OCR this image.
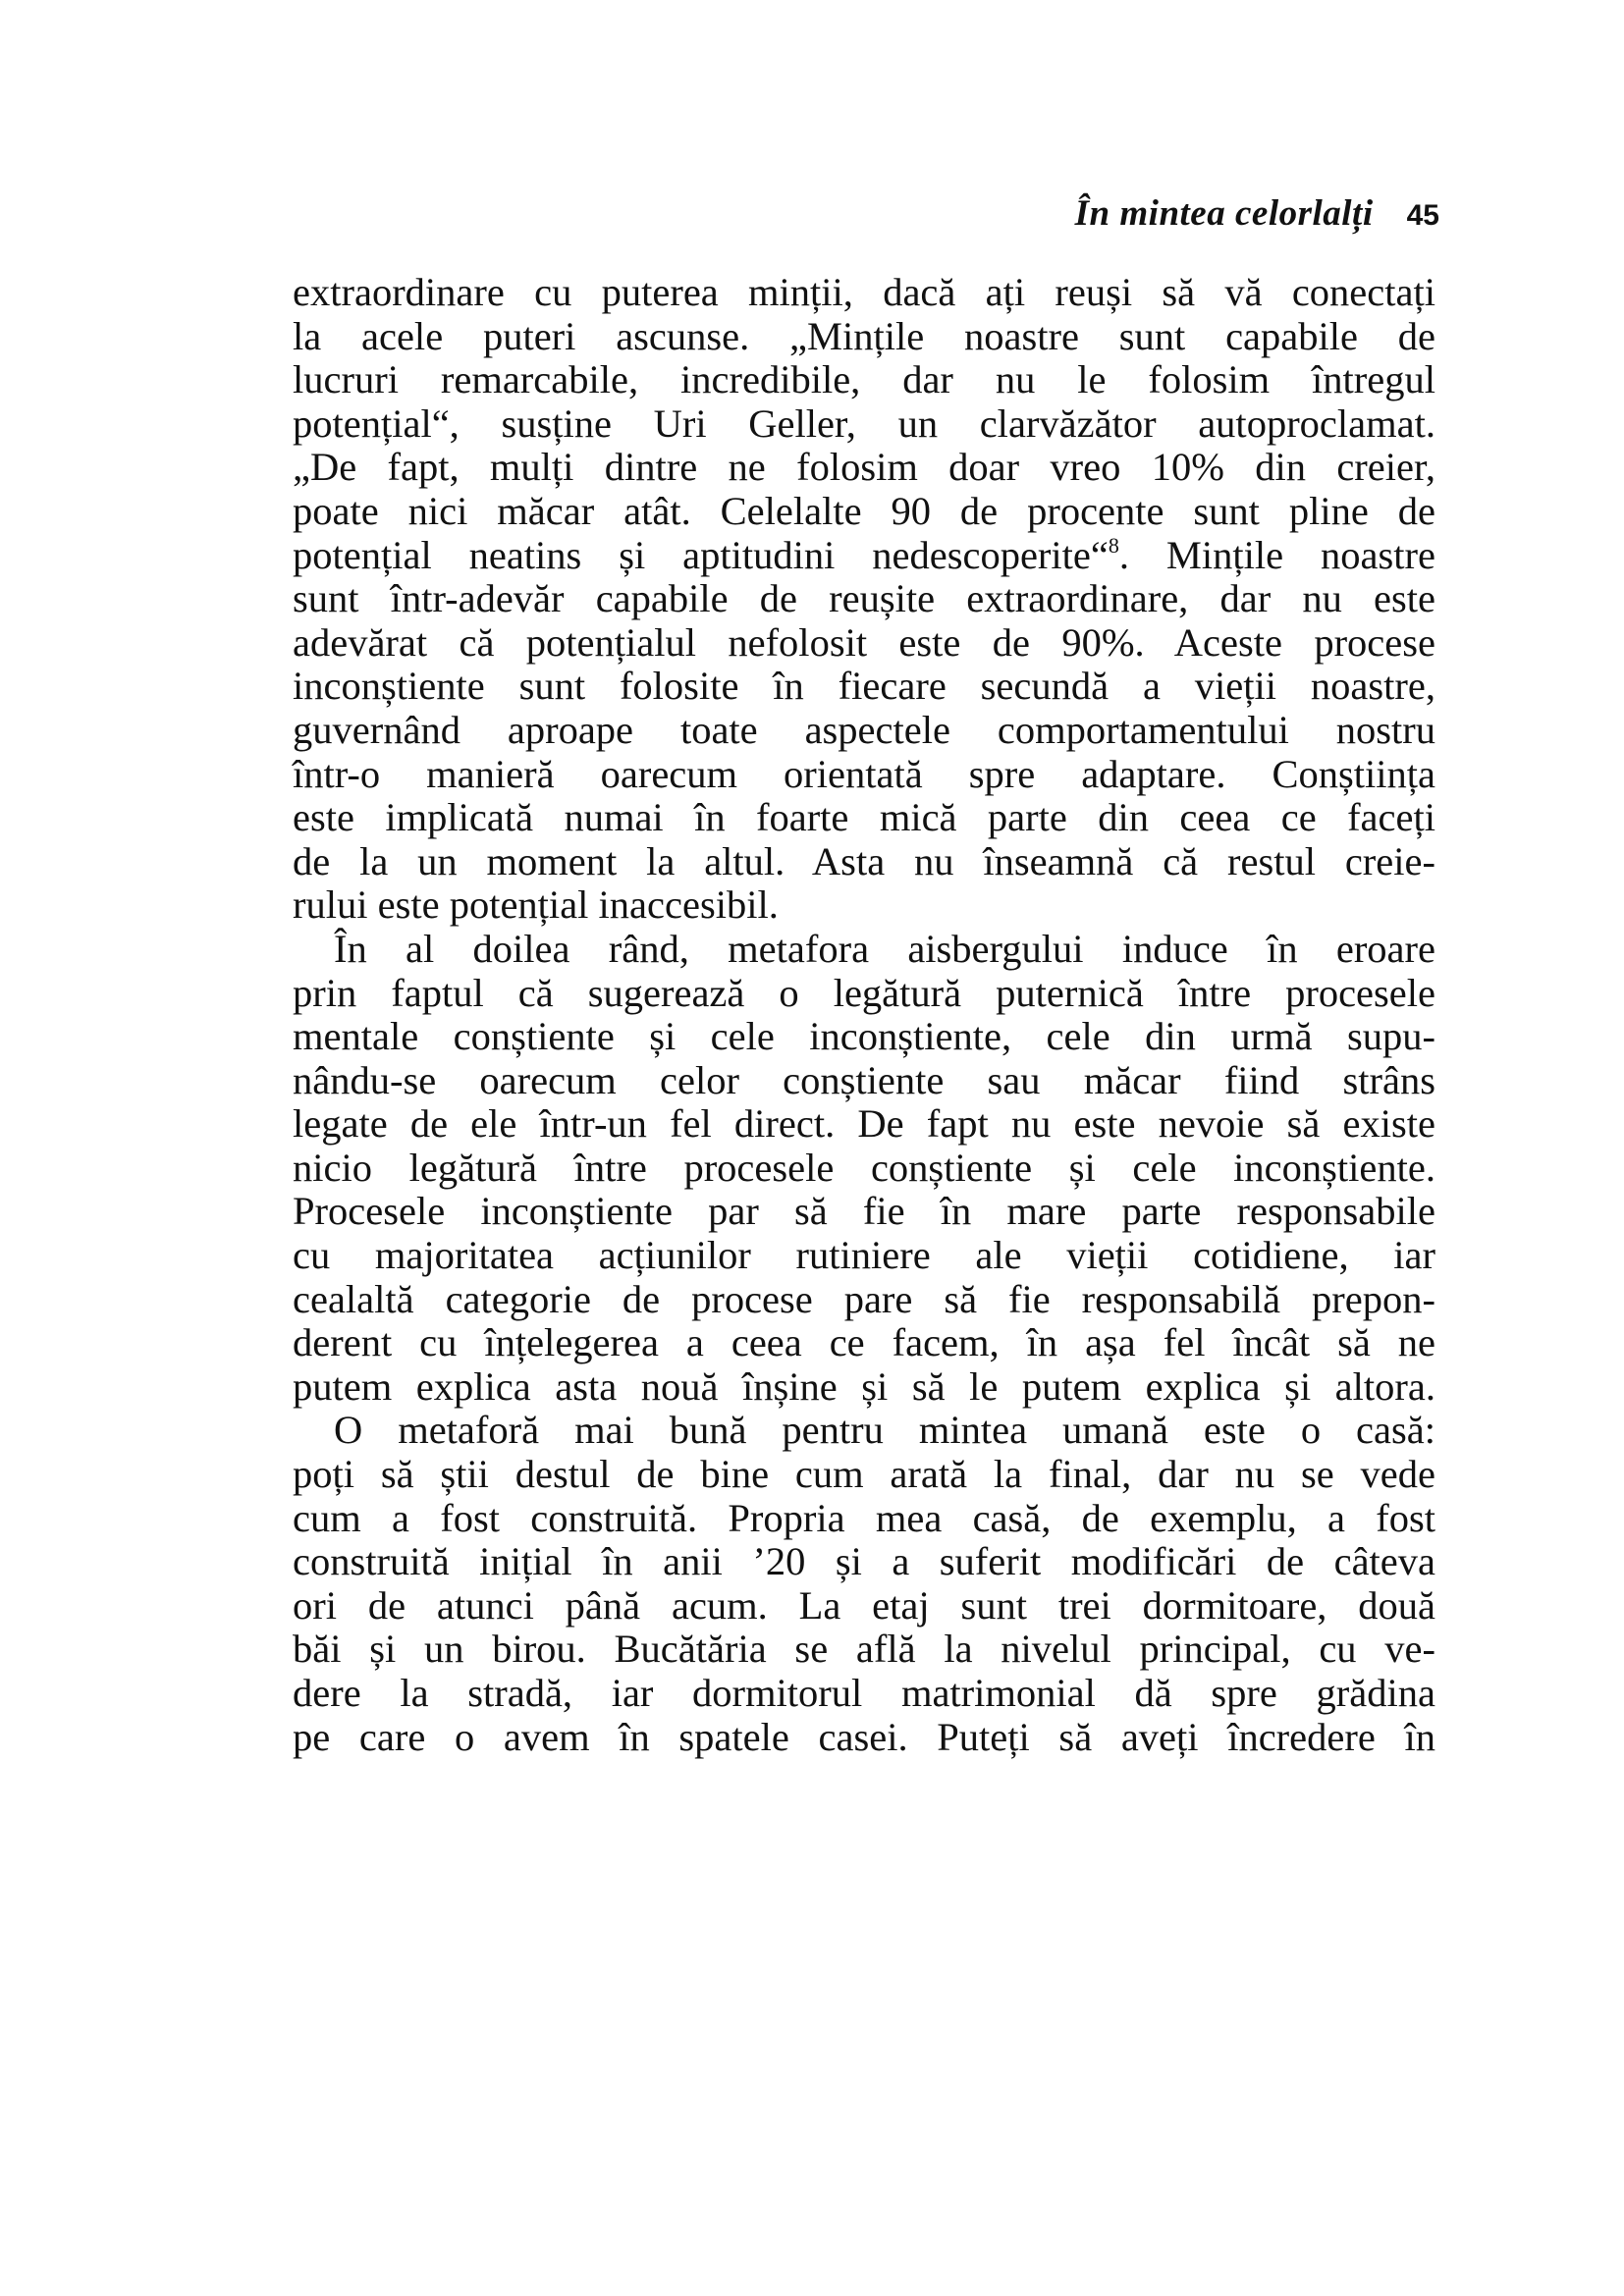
În mintea celorlalți 45
extraordinare cu puterea minții, dacă ați reuși să vă conectați
la acele puteri ascunse. „Mințile noastre sunt capabile de
lucruri remarcabile, incredibile, dar nu le folosim întregul
potențial“, susține Uri Geller, un clarvăzător autoproclamat.
„De fapt, mulți dintre ne folosim doar vreo 10% din creier,
poate nici măcar atât. Celelalte 90 de procente sunt pline de
potențial neatins și aptitudini nedescoperite“$^8$. Mințile noastre
sunt într-adevăr capabile de reușite extraordinare, dar nu este
adevărat că potențialul nefolosit este de 90%. Aceste procese
inconștiente sunt folosite în fiecare secundă a vieții noastre,
guvernând aproape toate aspectele comportamentului nostru
într-o manieră oarecum orientată spre adaptare. Conștiința
este implicată numai în foarte mică parte din ceea ce faceți
de la un moment la altul. Asta nu înseamnă că restul creie-
rului este potențial inaccesibil.
În al doilea rând, metafora aisbergului induce în eroare
prin faptul că sugerează o legătură puternică între procesele
mentale conștiente și cele inconștiente, cele din urmă supu-
nându-se oarecum celor conștiente sau măcar fiind strâns
legate de ele într-un fel direct. De fapt nu este nevoie să existe
nicio legătură între procesele conștiente și cele inconștiente.
Procesele inconștiente par să fie în mare parte responsabile
cu majoritatea acțiunilor rutiniere ale vieții cotidiene, iar
cealaltă categorie de procese pare să fie responsabilă prepon-
derent cu înțelegerea a ceea ce facem, în așa fel încât să ne
putem explica asta nouă înșine și să le putem explica și altora.
O metaforă mai bună pentru mintea umană este o casă:
poți să știi destul de bine cum arată la final, dar nu se vede
cum a fost construită. Propria mea casă, de exemplu, a fost
construită inițial în anii ’20 și a suferit modificări de câteva
ori de atunci până acum. La etaj sunt trei dormitoare, două
băi și un birou. Bucătăria se află la nivelul principal, cu ve-
dere la stradă, iar dormitorul matrimonial dă spre grădina
pe care o avem în spatele casei. Puteți să aveți încredere în
